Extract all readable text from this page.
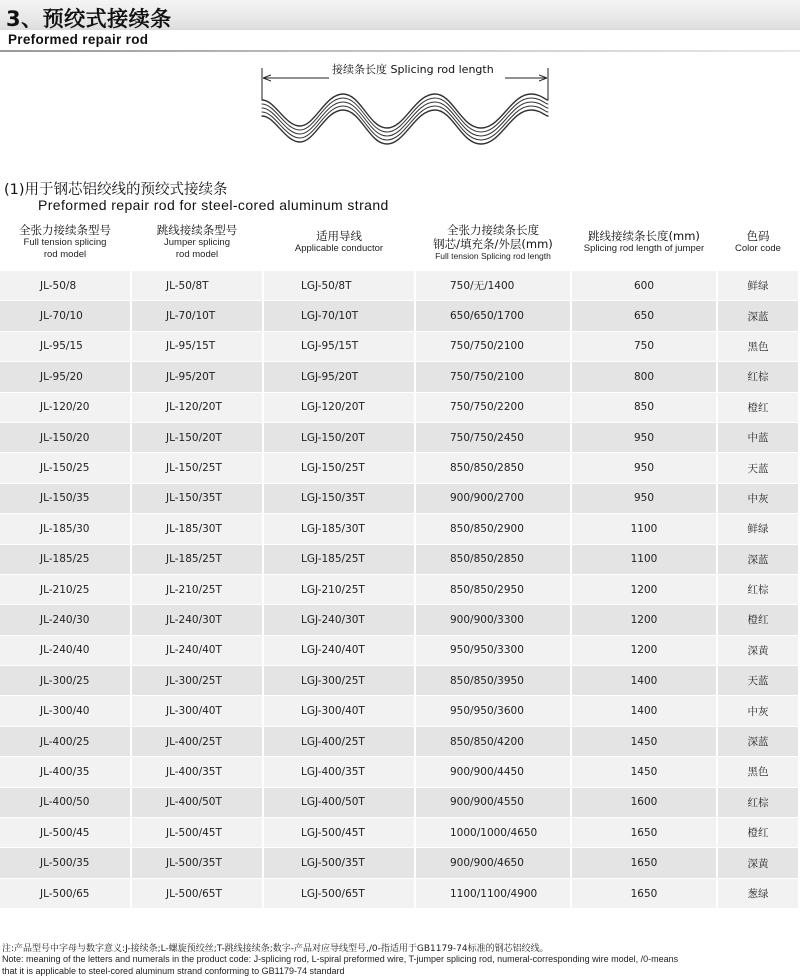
3、预绞式接续条
Preformed repair rod
接续条长度 Splicing rod length
(1)用于钢芯铝绞线的预绞式接续条
Preformed repair rod for steel-cored aluminum strand
全张力接续条型号
Full tension splicing
rod model	跳线接续条型号
Jumper splicing
rod model	适用导线
Applicable conductor	全张力接续条长度
钢芯/填充条/外层(mm)
Full tension Splicing rod length	跳线接续条长度(mm)
Splicing rod length of jumper	色码
Color code

JL-50/8	JL-50/8T	LGJ-50/8T	750/无/1400	600	鲜绿
JL-70/10	JL-70/10T	LGJ-70/10T	650/650/1700	650	深蓝
JL-95/15	JL-95/15T	LGJ-95/15T	750/750/2100	750	黑色
JL-95/20	JL-95/20T	LGJ-95/20T	750/750/2100	800	红棕
JL-120/20	JL-120/20T	LGJ-120/20T	750/750/2200	850	橙红
JL-150/20	JL-150/20T	LGJ-150/20T	750/750/2450	950	中蓝
JL-150/25	JL-150/25T	LGJ-150/25T	850/850/2850	950	天蓝
JL-150/35	JL-150/35T	LGJ-150/35T	900/900/2700	950	中灰
JL-185/30	JL-185/30T	LGJ-185/30T	850/850/2900	1100	鲜绿
JL-185/25	JL-185/25T	LGJ-185/25T	850/850/2850	1100	深蓝
JL-210/25	JL-210/25T	LGJ-210/25T	850/850/2950	1200	红棕
JL-240/30	JL-240/30T	LGJ-240/30T	900/900/3300	1200	橙红
JL-240/40	JL-240/40T	LGJ-240/40T	950/950/3300	1200	深黄
JL-300/25	JL-300/25T	LGJ-300/25T	850/850/3950	1400	天蓝
JL-300/40	JL-300/40T	LGJ-300/40T	950/950/3600	1400	中灰
JL-400/25	JL-400/25T	LGJ-400/25T	850/850/4200	1450	深蓝
JL-400/35	JL-400/35T	LGJ-400/35T	900/900/4450	1450	黑色
JL-400/50	JL-400/50T	LGJ-400/50T	900/900/4550	1600	红棕
JL-500/45	JL-500/45T	LGJ-500/45T	1000/1000/4650	1650	橙红
JL-500/35	JL-500/35T	LGJ-500/35T	900/900/4650	1650	深黄
JL-500/65	JL-500/65T	LGJ-500/65T	1100/1100/4900	1650	葱绿
注:产品型号中字母与数字意义:J-接续条;L-螺旋预绞丝;T-跳线接续条;数字-产品对应导线型号,/0-指适用于GB1179-74标准的钢芯铝绞线。
Note: meaning of the letters and numerals in the product code: J-splicing rod, L-spiral preformed wire, T-jumper splicing rod, numeral-corresponding wire model, /0-means
that it is applicable to steel-cored aluminum strand conforming to GB1179-74 standard
